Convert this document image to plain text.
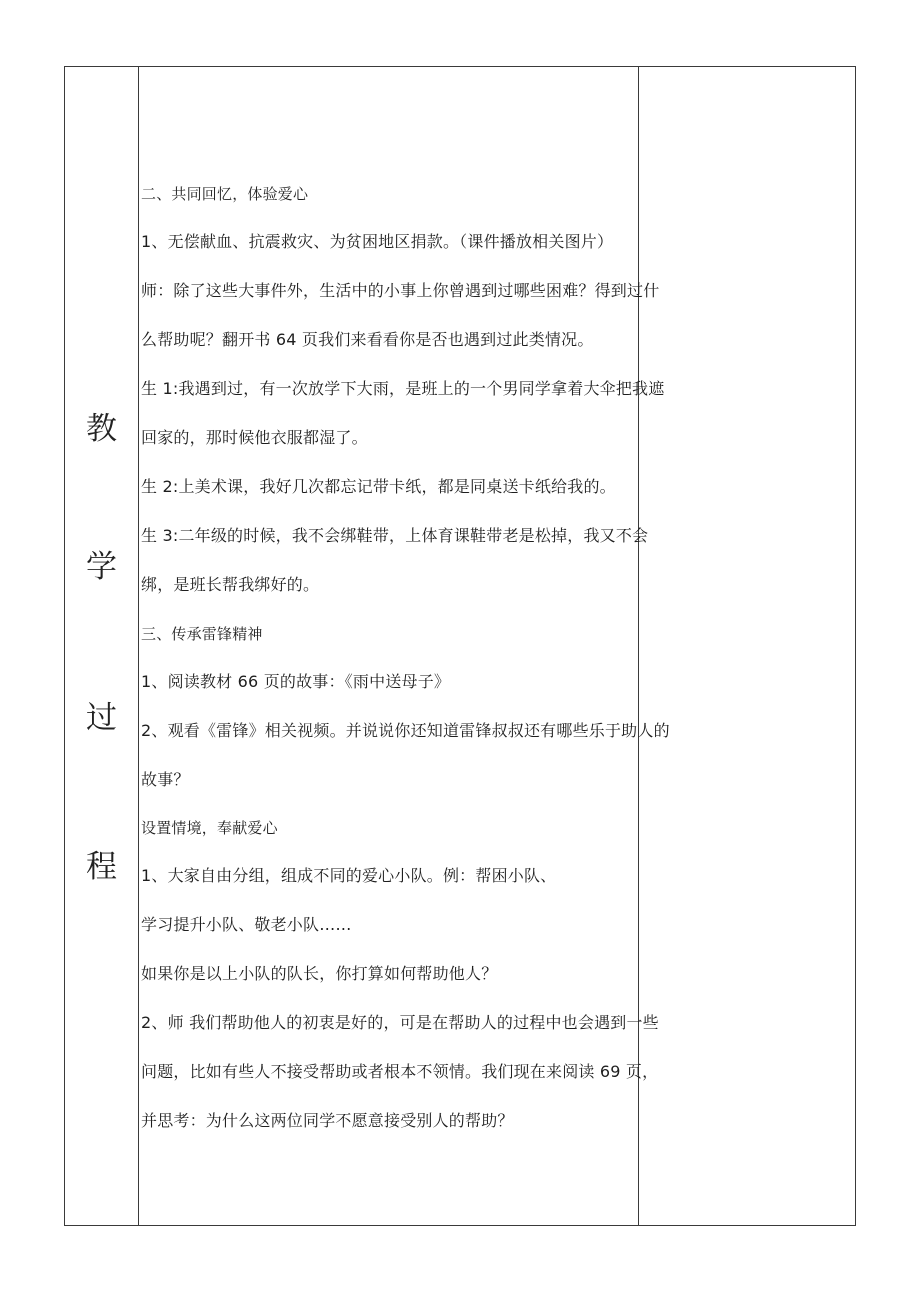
教
学
过
程

二、共同回忆，体验爱心
1、无偿献血、抗震救灾、为贫困地区捐款。（课件播放相关图片）
师：除了这些大事件外，生活中的小事上你曾遇到过哪些困难？得到过什
么帮助呢？翻开书 64 页我们来看看你是否也遇到过此类情况。
生 1:我遇到过，有一次放学下大雨，是班上的一个男同学拿着大伞把我遮
回家的，那时候他衣服都湿了。
生 2:上美术课，我好几次都忘记带卡纸，都是同桌送卡纸给我的。
生 3:二年级的时候，我不会绑鞋带，上体育课鞋带老是松掉，我又不会
绑，是班长帮我绑好的。
三、传承雷锋精神
1、阅读教材 66 页的故事：《雨中送母子》
2、观看《雷锋》相关视频。并说说你还知道雷锋叔叔还有哪些乐于助人的
故事？
设置情境，奉献爱心
1、大家自由分组，组成不同的爱心小队。例：帮困小队、
学习提升小队、敬老小队……
如果你是以上小队的队长，你打算如何帮助他人？
2、师 我们帮助他人的初衷是好的，可是在帮助人的过程中也会遇到一些
问题，比如有些人不接受帮助或者根本不领情。我们现在来阅读 69 页，
并思考：为什么这两位同学不愿意接受别人的帮助？
